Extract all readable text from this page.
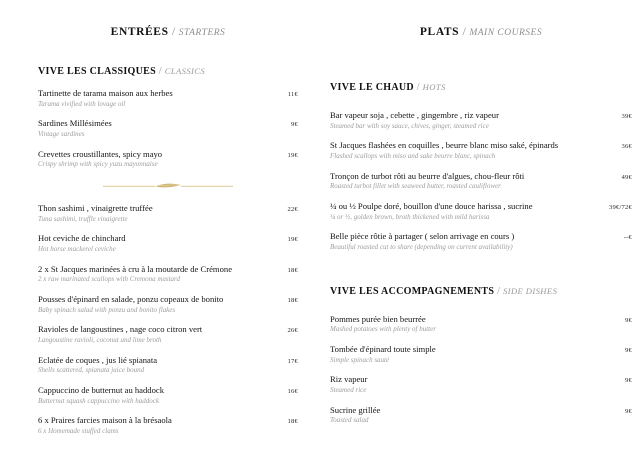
ENTRÉES / STARTERS
VIVE LES CLASSIQUES / CLASSICS
Tartinette de tarama maison aux herbes	11€
Tarama vivified with lovage oil
Sardines Millésimées	9€
Vintage sardines
Crevettes croustillantes, spicy mayo	19€
Crispy shrimp with spicy yuzu mayonnaise
Thon sashimi , vinaigrette truffée	22€
Tuna sashimi, truffle vinaigrette
Hot ceviche de chinchard	19€
Hot horse mackerel ceviche
2 x St Jacques marinées à cru à la moutarde de Crémone	18€
2 x raw marinated scallops with Cremona mustard
Pousses d'épinard en salade, ponzu copeaux de bonito	18€
Baby spinach salad with ponzu and bonito flakes
Ravioles de langoustines , nage coco citron vert	26€
Langoustine ravioli, coconut and lime broth
Eclatée de coques , jus lié spianata	17€
Shells scattered, spianata juice bound
Cappuccino de butternut au haddock	16€
Butternut squash cappuccino with haddock
6 x Praires farcies maison à la brésaola	18€
6 x Homemade stuffed clams
PLATS / MAIN COURSES
VIVE LE CHAUD / HOTS
Bar vapeur soja , cebette , gingembre , riz vapeur	39€
Steamed bar with soy sauce, chives, ginger, steamed rice
St Jacques flashées en coquilles , beurre blanc miso saké, épinards	36€
Flashed scallops with miso and sake beurre blanc, spinach
Tronçon de turbot rôti au beurre d'algues, chou-fleur rôti	49€
Roasted turbot fillet with seaweed butter, roasted cauliflower
¼ ou ½ Poulpe doré, bouillon d'une douce harissa , sucrine	39€/72€
¼ or ½, golden brown, broth thickened with mild harissa
Belle pièce rôtie à partager ( selon arrivage en cours )	--€
Beautiful roasted cut to share (depending on current availability)
VIVE LES ACCOMPAGNEMENTS / SIDE DISHES
Pommes purée bien beurrée	9€
Mashed potatoes with plenty of butter
Tombée d'épinard toute simple	9€
Simple spinach sauté
Riz vapeur	9€
Steamed rice
Sucrine grillée	9€
Toasted salad
